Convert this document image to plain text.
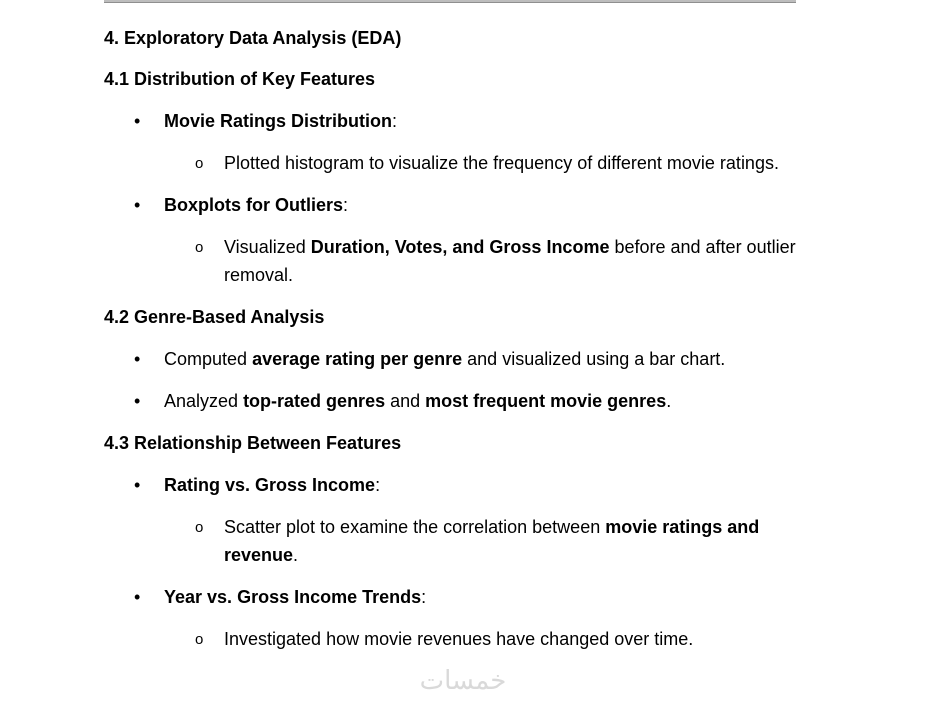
4. Exploratory Data Analysis (EDA)

4.1 Distribution of Key Features

• Movie Ratings Distribution:
o Plotted histogram to visualize the frequency of different movie ratings.
• Boxplots for Outliers:
o Visualized Duration, Votes, and Gross Income before and after outlier removal.

4.2 Genre-Based Analysis

• Computed average rating per genre and visualized using a bar chart.
• Analyzed top-rated genres and most frequent movie genres.

4.3 Relationship Between Features

• Rating vs. Gross Income:
o Scatter plot to examine the correlation between movie ratings and revenue.
• Year vs. Gross Income Trends:
o Investigated how movie revenues have changed over time.
خمسات
